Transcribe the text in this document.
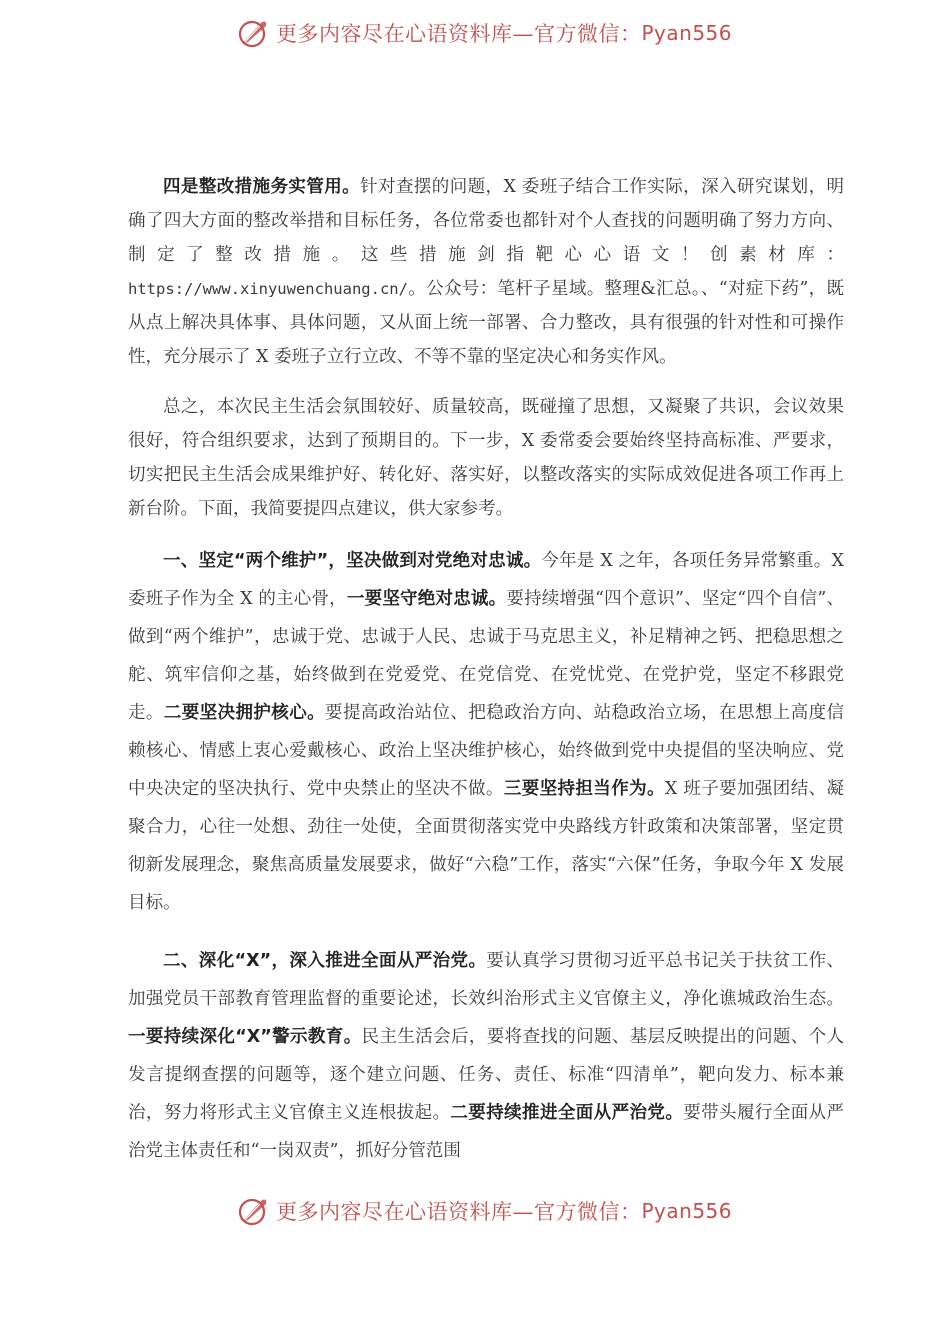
更多内容尽在心语资料库—官方微信： Pyan556

四是整改措施务实管用。针对查摆的问题，X 委班子结合工作实际，深入研究谋划，明确了四大方面的整改举措和目标任务，各位常委也都针对个人查找的问题明确了努力方向、制定了整改措施。这些措施剑指靶心心语文！创素材库：https://www.xinyuwenchuang.cn/。公众号：笔杆子星域。整理&汇总。、“对症下药”，既从点上解决具体事、具体问题，又从面上统一部署、合力整改，具有很强的针对性和可操作性，充分展示了 X 委班子立行立改、不等不靠的坚定决心和务实作风。

总之，本次民主生活会氛围较好、质量较高，既碰撞了思想，又凝聚了共识，会议效果很好，符合组织要求，达到了预期目的。下一步，X 委常委会要始终坚持高标准、严要求，切实把民主生活会成果维护好、转化好、落实好，以整改落实的实际成效促进各项工作再上新台阶。下面，我简要提四点建议，供大家参考。

一、坚定“两个维护”，坚决做到对党绝对忠诚。今年是 X 之年，各项任务异常繁重。X 委班子作为全 X 的主心骨，一要坚守绝对忠诚。要持续增强“四个意识”、坚定“四个自信”、做到“两个维护”，忠诚于党、忠诚于人民、忠诚于马克思主义，补足精神之钙、把稳思想之舵、筑牢信仰之基，始终做到在党爱党、在党信党、在党忧党、在党护党，坚定不移跟党走。二要坚决拥护核心。要提高政治站位、把稳政治方向、站稳政治立场，在思想上高度信赖核心、情感上衷心爱戴核心、政治上坚决维护核心，始终做到党中央提倡的坚决响应、党中央决定的坚决执行、党中央禁止的坚决不做。三要坚持担当作为。X 班子要加强团结、凝聚合力，心往一处想、劲往一处使，全面贯彻落实党中央路线方针政策和决策部署，坚定贯彻新发展理念，聚焦高质量发展要求，做好“六稳”工作，落实“六保”任务，争取今年 X 发展目标。

二、深化“X”，深入推进全面从严治党。要认真学习贯彻习近平总书记关于扶贫工作、加强党员干部教育管理监督的重要论述，长效纠治形式主义官僚主义，净化谯城政治生态。一要持续深化“X”警示教育。民主生活会后，要将查找的问题、基层反映提出的问题、个人发言提纲查摆的问题等，逐个建立问题、任务、责任、标准“四清单”，靶向发力、标本兼治，努力将形式主义官僚主义连根拔起。二要持续推进全面从严治党。要带头履行全面从严治党主体责任和“一岗双责”，抓好分管范围

更多内容尽在心语资料库—官方微信： Pyan556
